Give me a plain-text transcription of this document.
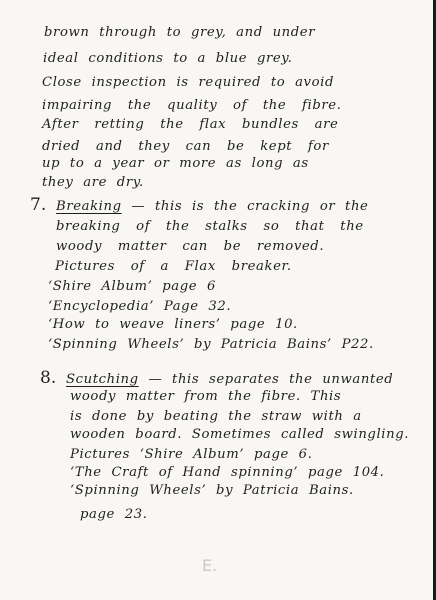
brown through to grey, and under
ideal conditions to a blue grey.
Close inspection is required to avoid
impairing the quality of the fibre.
After retting the flax bundles are
dried and they can be kept for
up to a year or more as long as
they are dry.
7. Breaking — this is the cracking or the
breaking of the stalks so that the
woody matter can be removed.
Pictures of a Flax breaker.
‘Shire Album’ page 6
‘Encyclopedia’ Page 32.
‘How to weave liners’ page 10.
‘Spinning Wheels’ by Patricia Bains’ P22.
8. Scutching — this separates the unwanted
woody matter from the fibre. This
is done by beating the straw with a
wooden board. Sometimes called swingling.
Pictures ‘Shire Album’ page 6.
‘The Craft of Hand spinning’ page 104.
‘Spinning Wheels’ by Patricia Bains.
page 23.
E.
